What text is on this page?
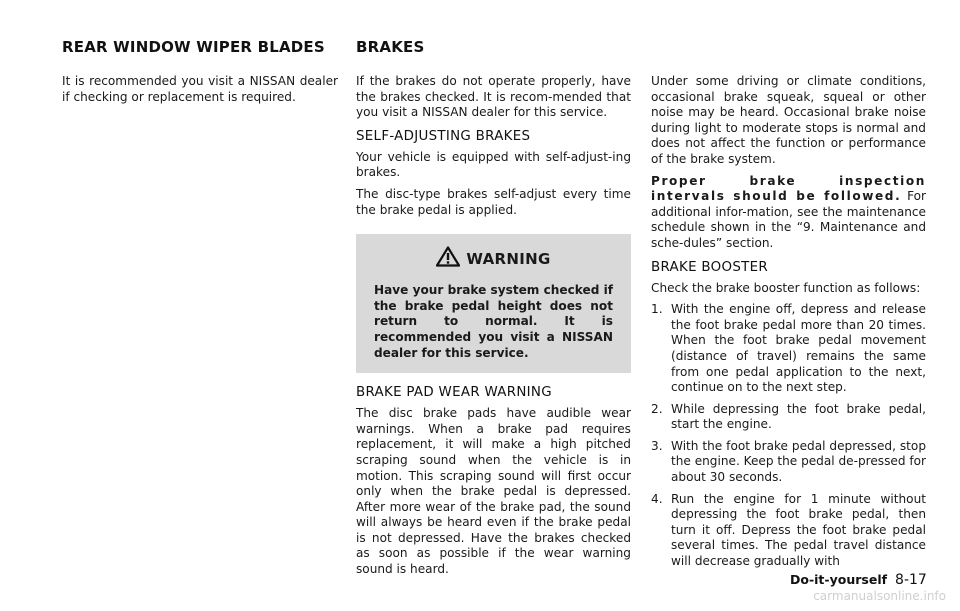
REAR WINDOW WIPER BLADES

It is recommended you visit a NISSAN dealer if checking or replacement is required.

BRAKES

If the brakes do not operate properly, have the brakes checked. It is recom-mended that you visit a NISSAN dealer for this service.

SELF-ADJUSTING BRAKES

Your vehicle is equipped with self-adjust-ing brakes.

The disc-type brakes self-adjust every time the brake pedal is applied.

WARNING
Have your brake system checked if the brake pedal height does not return to normal. It is recommended you visit a NISSAN dealer for this service.
BRAKE PAD WEAR WARNING

The disc brake pads have audible wear warnings. When a brake pad requires replacement, it will make a high pitched scraping sound when the vehicle is in motion. This scraping sound will first occur only when the brake pedal is depressed. After more wear of the brake pad, the sound will always be heard even if the brake pedal is not depressed. Have the brakes checked as soon as possible if the wear warning sound is heard.

Under some driving or climate conditions, occasional brake squeak, squeal or other noise may be heard. Occasional brake noise during light to moderate stops is normal and does not affect the function or performance of the brake system.

Proper brake inspection intervals should be followed. For additional infor-mation, see the maintenance schedule shown in the “9. Maintenance and sche-dules” section.

BRAKE BOOSTER

Check the brake booster function as follows:

1. With the engine off, depress and release the foot brake pedal more than 20 times. When the foot brake pedal movement (distance of travel) remains the same from one pedal application to the next, continue on to the next step.
2. While depressing the foot brake pedal, start the engine.
3. With the foot brake pedal depressed, stop the engine. Keep the pedal de-pressed for about 30 seconds.
4. Run the engine for 1 minute without depressing the foot brake pedal, then turn it off. Depress the foot brake pedal several times. The pedal travel distance will decrease gradually with
Do-it-yourself 8-17
carmanualsonline.info
